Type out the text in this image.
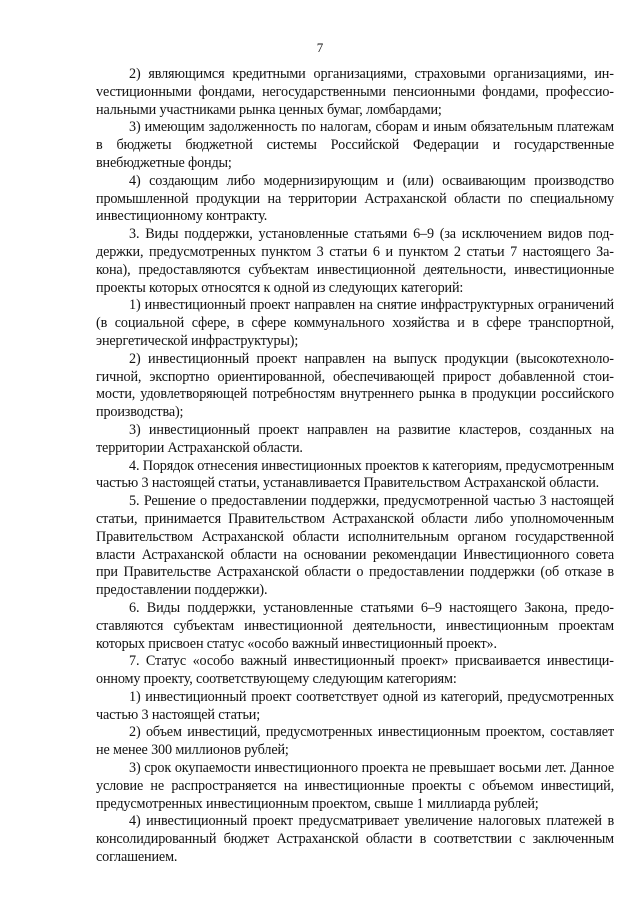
7

2) являющимся кредитными организациями, страховыми организациями, инvестиционными фондами, негосударственными пенсионными фондами, профессиональными участниками рынка ценных бумаг, ломбардами;

3) имеющим задолженность по налогам, сборам и иным обязательным платежам в бюджеты бюджетной системы Российской Федерации и государственные внебюджетные фонды;

4) создающим либо модернизирующим и (или) осваивающим производство промышленной продукции на территории Астраханской области по специальному инвестиционному контракту.

3. Виды поддержки, установленные статьями 6–9 (за исключением видов поддержки, предусмотренных пунктом 3 статьи 6 и пунктом 2 статьи 7 настоящего Закона), предоставляются субъектам инвестиционной деятельности, инвестиционные проекты которых относятся к одной из следующих категорий:

1) инвестиционный проект направлен на снятие инфраструктурных ограничений (в социальной сфере, в сфере коммунального хозяйства и в сфере транспортной, энергетической инфраструктуры);

2) инвестиционный проект направлен на выпуск продукции (высокотехнологичной, экспортно ориентированной, обеспечивающей прирост добавленной стоимости, удовлетворяющей потребностям внутреннего рынка в продукции российского производства);

3) инвестиционный проект направлен на развитие кластеров, созданных на территории Астраханской области.

4. Порядок отнесения инвестиционных проектов к категориям, предусмотренным частью 3 настоящей статьи, устанавливается Правительством Астраханской области.

5. Решение о предоставлении поддержки, предусмотренной частью 3 настоящей статьи, принимается Правительством Астраханской области либо уполномоченным Правительством Астраханской области исполнительным органом государственной власти Астраханской области на основании рекомендации Инвестиционного совета при Правительстве Астраханской области о предоставлении поддержки (об отказе в предоставлении поддержки).

6. Виды поддержки, установленные статьями 6–9 настоящего Закона, предоставляются субъектам инвестиционной деятельности, инвестиционным проектам которых присвоен статус «особо важный инвестиционный проект».

7. Статус «особо важный инвестиционный проект» присваивается инвестиционному проекту, соответствующему следующим категориям:

1) инвестиционный проект соответствует одной из категорий, предусмотренных частью 3 настоящей статьи;

2) объем инвестиций, предусмотренных инвестиционным проектом, составляет не менее 300 миллионов рублей;

3) срок окупаемости инвестиционного проекта не превышает восьми лет. Данное условие не распространяется на инвестиционные проекты с объемом инвестиций, предусмотренных инвестиционным проектом, свыше 1 миллиарда рублей;

4) инвестиционный проект предусматривает увеличение налоговых платежей в консолидированный бюджет Астраханской области в соответствии с заключенным соглашением.
